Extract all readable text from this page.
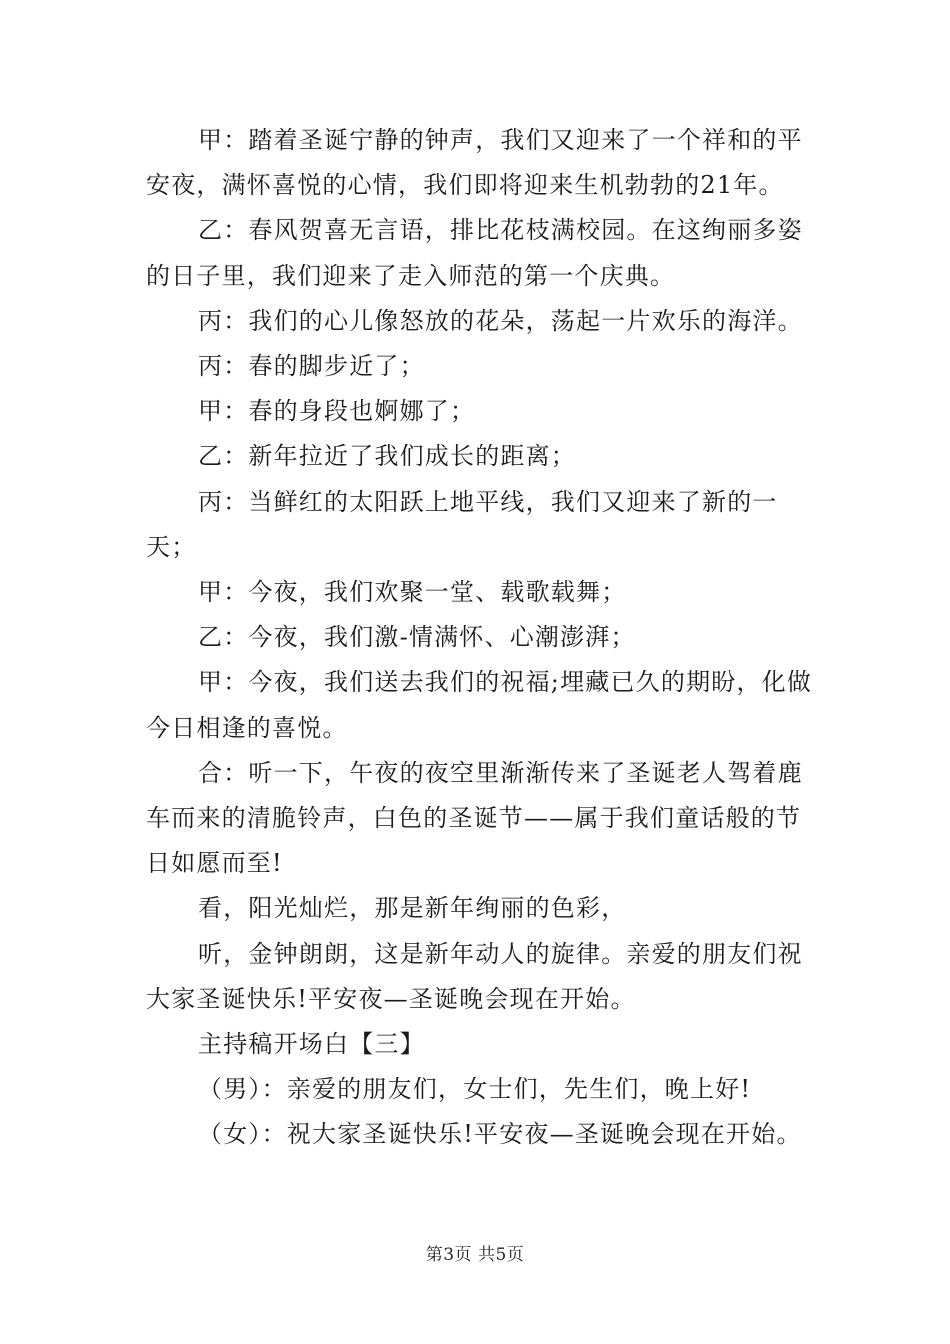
甲：踏着圣诞宁静的钟声，我们又迎来了一个祥和的平安夜，满怀喜悦的心情，我们即将迎来生机勃勃的21年。

乙：春风贺喜无言语，排比花枝满校园。在这绚丽多姿的日子里，我们迎来了走入师范的第一个庆典。

丙：我们的心儿像怒放的花朵，荡起一片欢乐的海洋。

丙：春的脚步近了；

甲：春的身段也婀娜了；

乙：新年拉近了我们成长的距离；

丙：当鲜红的太阳跃上地平线，我们又迎来了新的一天；

甲：今夜，我们欢聚一堂、载歌载舞；

乙：今夜，我们激-情满怀、心潮澎湃；

甲：今夜，我们送去我们的祝福;埋藏已久的期盼，化做今日相逢的喜悦。

合：听一下，午夜的夜空里渐渐传来了圣诞老人驾着鹿车而来的清脆铃声，白色的圣诞节——属于我们童话般的节日如愿而至!

看，阳光灿烂，那是新年绚丽的色彩，

听，金钟朗朗，这是新年动人的旋律。亲爱的朋友们祝大家圣诞快乐!平安夜—圣诞晚会现在开始。

主持稿开场白【三】

（男）：亲爱的朋友们，女士们，先生们，晚上好!

（女）：祝大家圣诞快乐!平安夜—圣诞晚会现在开始。

第3页 共5页
